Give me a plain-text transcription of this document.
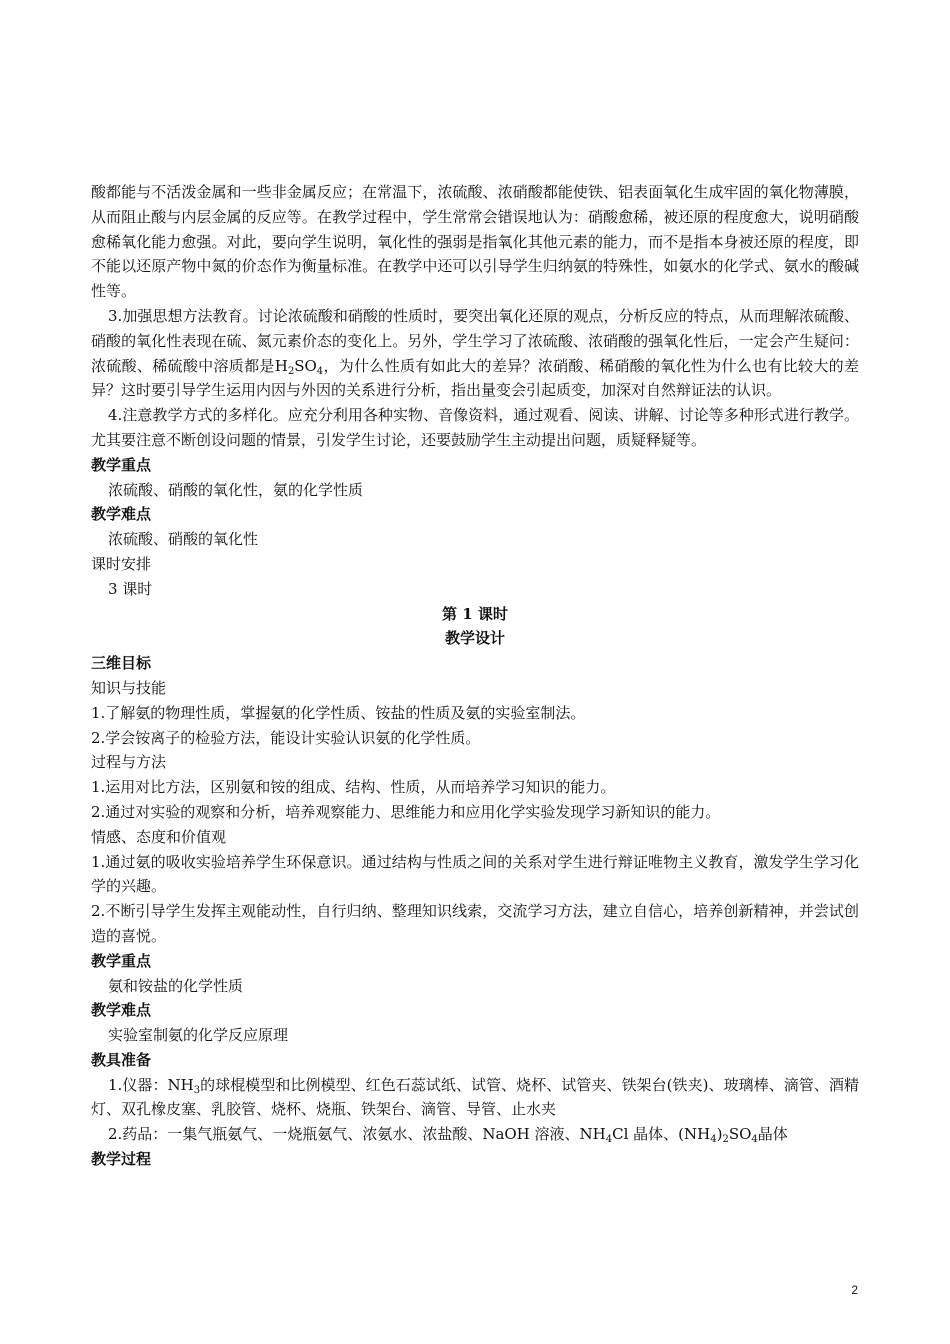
酸都能与不活泼金属和一些非金属反应；在常温下，浓硫酸、浓硝酸都能使铁、铝表面氧化生成牢固的氧化物薄膜，从而阻止酸与内层金属的反应等。在教学过程中，学生常常会错误地认为：硝酸愈稀，被还原的程度愈大，说明硝酸愈稀氧化能力愈强。对此，要向学生说明，氧化性的强弱是指氧化其他元素的能力，而不是指本身被还原的程度，即不能以还原产物中氮的价态作为衡量标准。在教学中还可以引导学生归纳氨的特殊性，如氨水的化学式、氨水的酸碱性等。

3.加强思想方法教育。讨论浓硫酸和硝酸的性质时，要突出氧化还原的观点，分析反应的特点，从而理解浓硫酸、硝酸的氧化性表现在硫、氮元素价态的变化上。另外，学生学习了浓硫酸、浓硝酸的强氧化性后，一定会产生疑问：浓硫酸、稀硫酸中溶质都是$H_2SO_4$，为什么性质有如此大的差异？浓硝酸、稀硝酸的氧化性为什么也有比较大的差异？这时要引导学生运用内因与外因的关系进行分析，指出量变会引起质变，加深对自然辩证法的认识。

4.注意教学方式的多样化。应充分利用各种实物、音像资料，通过观看、阅读、讲解、讨论等多种形式进行教学。尤其要注意不断创设问题的情景，引发学生讨论，还要鼓励学生主动提出问题，质疑释疑等。

教学重点

浓硫酸、硝酸的氧化性，氨的化学性质

教学难点

浓硫酸、硝酸的氧化性

课时安排

3 课时

第 1 课时

教学设计

三维目标

知识与技能

1.了解氨的物理性质，掌握氨的化学性质、铵盐的性质及氨的实验室制法。

2.学会铵离子的检验方法，能设计实验认识氨的化学性质。

过程与方法

1.运用对比方法，区别氨和铵的组成、结构、性质，从而培养学习知识的能力。

2.通过对实验的观察和分析，培养观察能力、思维能力和应用化学实验发现学习新知识的能力。

情感、态度和价值观

1.通过氨的吸收实验培养学生环保意识。通过结构与性质之间的关系对学生进行辩证唯物主义教育，激发学生学习化学的兴趣。

2.不断引导学生发挥主观能动性，自行归纳、整理知识线索，交流学习方法，建立自信心，培养创新精神，并尝试创造的喜悦。

教学重点

氨和铵盐的化学性质

教学难点

实验室制氨的化学反应原理

教具准备

1.仪器：$NH_3$的球棍模型和比例模型、红色石蕊试纸、试管、烧杯、试管夹、铁架台(铁夹)、玻璃棒、滴管、酒精灯、双孔橡皮塞、乳胶管、烧杯、烧瓶、铁架台、滴管、导管、止水夹

2.药品：一集气瓶氨气、一烧瓶氨气、浓氨水、浓盐酸、NaOH 溶液、$NH_4Cl$ 晶体、$(NH_4)_2SO_4$晶体

教学过程

2
